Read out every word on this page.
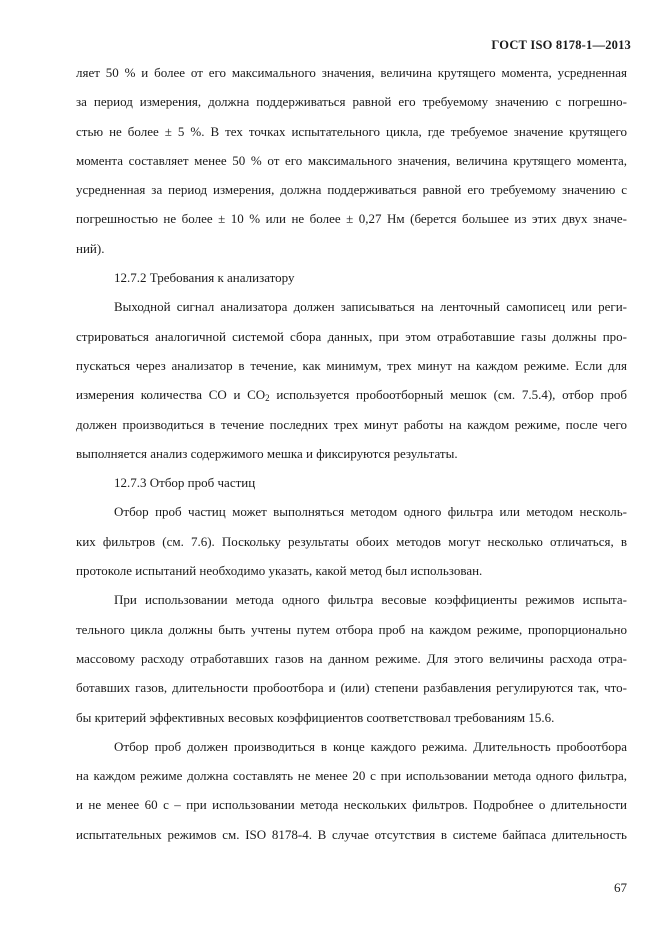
ГОСТ ISO 8178-1—2013
ляет 50 % и более от его максимального значения, величина крутящего момента, усредненная
за период измерения, должна поддерживаться равной его требуемому значению с погрешно-
стью не более ± 5 %. В тех точках испытательного цикла, где требуемое значение крутящего
момента составляет менее 50 % от его максимального значения, величина крутящего момента,
усредненная за период измерения, должна поддерживаться равной его требуемому значению с
погрешностью не более ± 10 % или не более ± 0,27 Нм (берется большее из этих двух значе-
ний).
12.7.2 Требования к анализатору
Выходной сигнал анализатора должен записываться на ленточный самописец или реги-
стрироваться аналогичной системой сбора данных, при этом отработавшие газы должны про-
пускаться через анализатор в течение, как минимум, трех минут на каждом режиме. Если для
измерения количества CO и $CO_2$ используется пробоотборный мешок (см. 7.5.4), отбор проб
должен производиться в течение последних трех минут работы на каждом режиме, после чего
выполняется анализ содержимого мешка и фиксируются результаты.
12.7.3 Отбор проб частиц
Отбор проб частиц может выполняться методом одного фильтра или методом несколь-
ких фильтров (см. 7.6). Поскольку результаты обоих методов могут несколько отличаться, в
протоколе испытаний необходимо указать, какой метод был использован.
При использовании метода одного фильтра весовые коэффициенты режимов испыта-
тельного цикла должны быть учтены путем отбора проб на каждом режиме, пропорционально
массовому расходу отработавших газов на данном режиме. Для этого величины расхода отра-
ботавших газов, длительности пробоотбора и (или) степени разбавления регулируются так, что-
бы критерий эффективных весовых коэффициентов соответствовал требованиям 15.6.
Отбор проб должен производиться в конце каждого режима. Длительность пробоотбора
на каждом режиме должна составлять не менее 20 с при использовании метода одного фильтра,
и не менее 60 с – при использовании метода нескольких фильтров. Подробнее о длительности
испытательных режимов см. ISO 8178-4. В случае отсутствия в системе байпаса длительность
67
